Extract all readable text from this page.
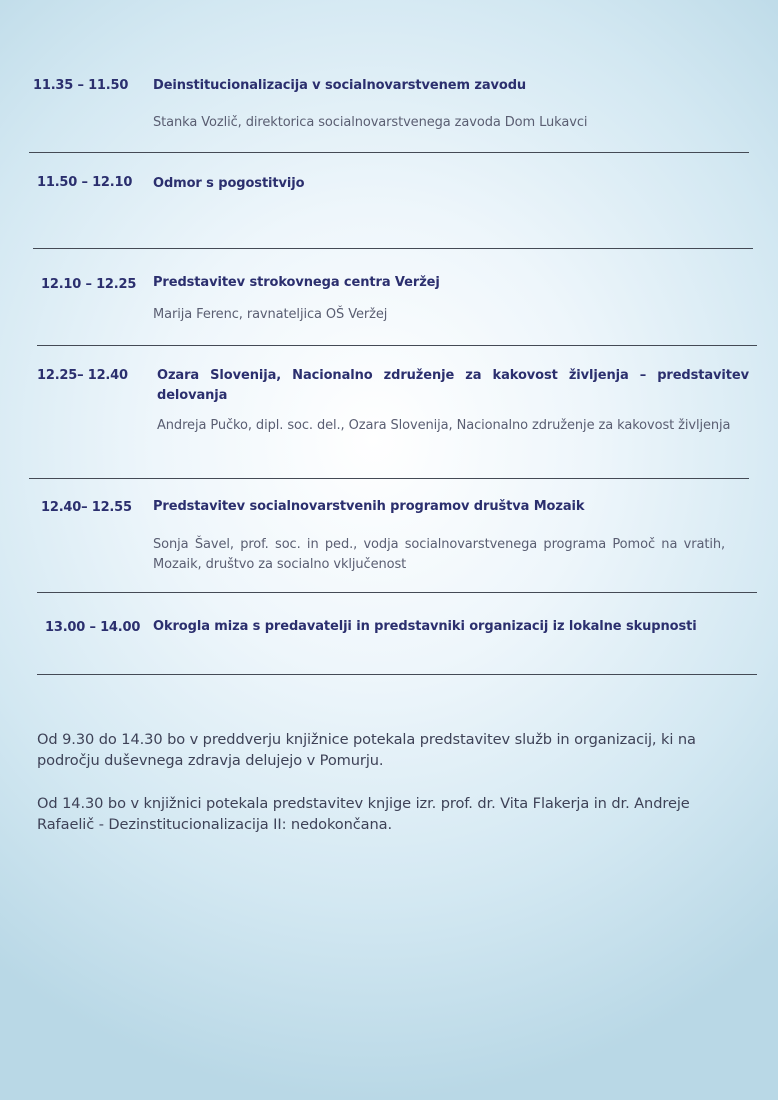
11.35 – 11.50 Deinstitucionalizacija v socialnovarstvenem zavodu
Stanka Vozlič, direktorica socialnovarstvenega zavoda Dom Lukavci
11.50 – 12.10 Odmor s pogostitvijo
12.10 – 12.25 Predstavitev strokovnega centra Veržej
Marija Ferenc, ravnateljica OŠ Veržej
12.25– 12.40 Ozara Slovenija, Nacionalno združenje za kakovost življenja – predstavitev delovanja
Andreja Pučko, dipl. soc. del., Ozara Slovenija, Nacionalno združenje za kakovost življenja
12.40– 12.55 Predstavitev socialnovarstvenih programov društva Mozaik
Sonja Šavel, prof. soc. in ped., vodja socialnovarstvenega programa Pomoč na vratih, Mozaik, društvo za socialno vključenost
13.00 – 14.00 Okrogla miza s predavatelji in predstavniki organizacij iz lokalne skupnosti
Od 9.30 do 14.30 bo v preddverju knjižnice potekala predstavitev služb in organizacij, ki na področju duševnega zdravja delujejo v Pomurju.
Od 14.30 bo v knjižnici potekala predstavitev knjige izr. prof. dr. Vita Flakerja in dr. Andreje Rafaelič - Dezinstitucionalizacija II: nedokončana.
